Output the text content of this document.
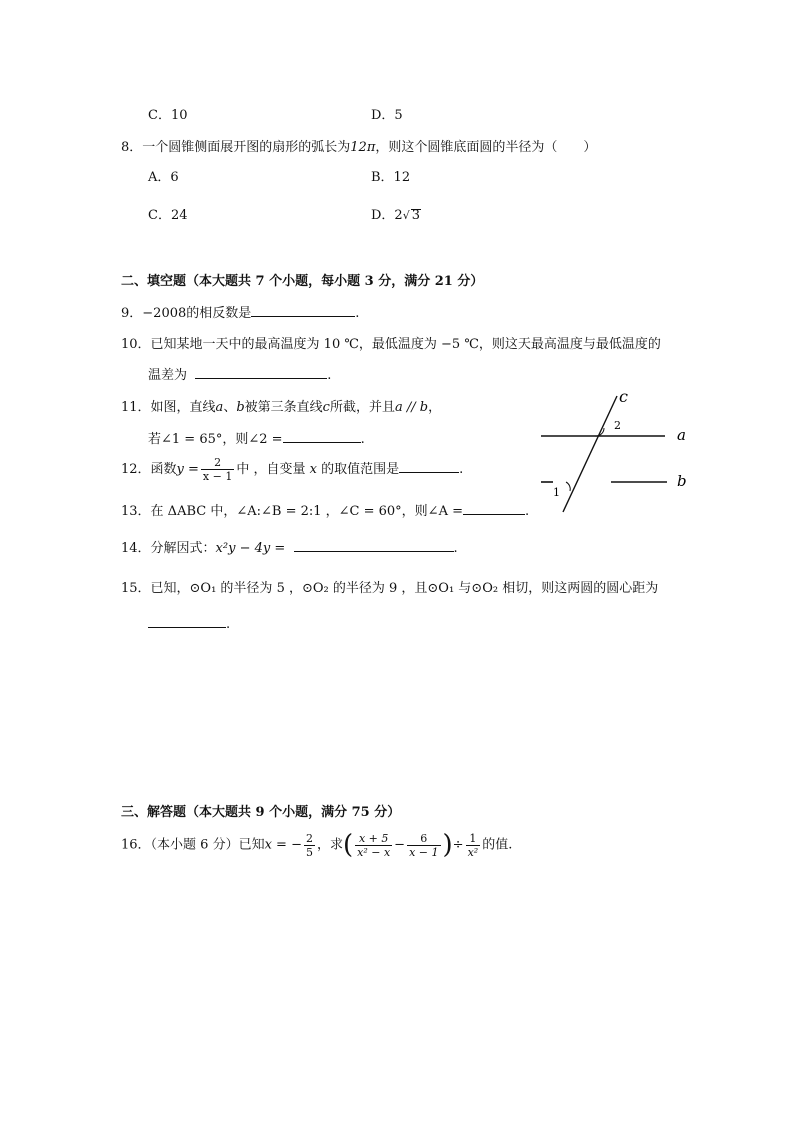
C．10	D．5
8．一个圆锥侧面展开图的扇形的弧长为12π，则这个圆锥底面圆的半径为（　　）
A．6	B．12
C．24	D．2√ 3
二、填空题（本大题共 7 个小题，每小题 3 分，满分 21 分）
9．−2008的相反数是	.
10．已知某地一天中的最高温度为 10 ℃，最低温度为 −5 ℃，则这天最高温度与最低温度的
温差为	.
11．如图，直线a、b被第三条直线c所截，并且a // b，
若∠1 = 65°，则∠2 =	.
12．函数$y = \frac{2}{x - 1}$ 中 ，自变量 x 的取值范围是	.
13．在 ΔABC 中，∠A:∠B = 2:1 ，∠C = 60°，则∠A =	.
14．分解因式：x²y − 4y =	.
15．已知，⊙O₁ 的半径为 5 ，⊙O₂ 的半径为 9 ，且⊙O₁ 与⊙O₂ 相切，则这两圆的圆心距为
.
三、解答题（本大题共 9 个小题，满分 75 分）
16．（本小题 6 分）已知x = − $\frac{2}{5}$ ，求( $\frac{x + 5}{\text{x² − x}} - \frac{6}{x - 1}$ )÷ $\frac{1}{\text{x²}}$ 的值.
c
a
b
2
1
